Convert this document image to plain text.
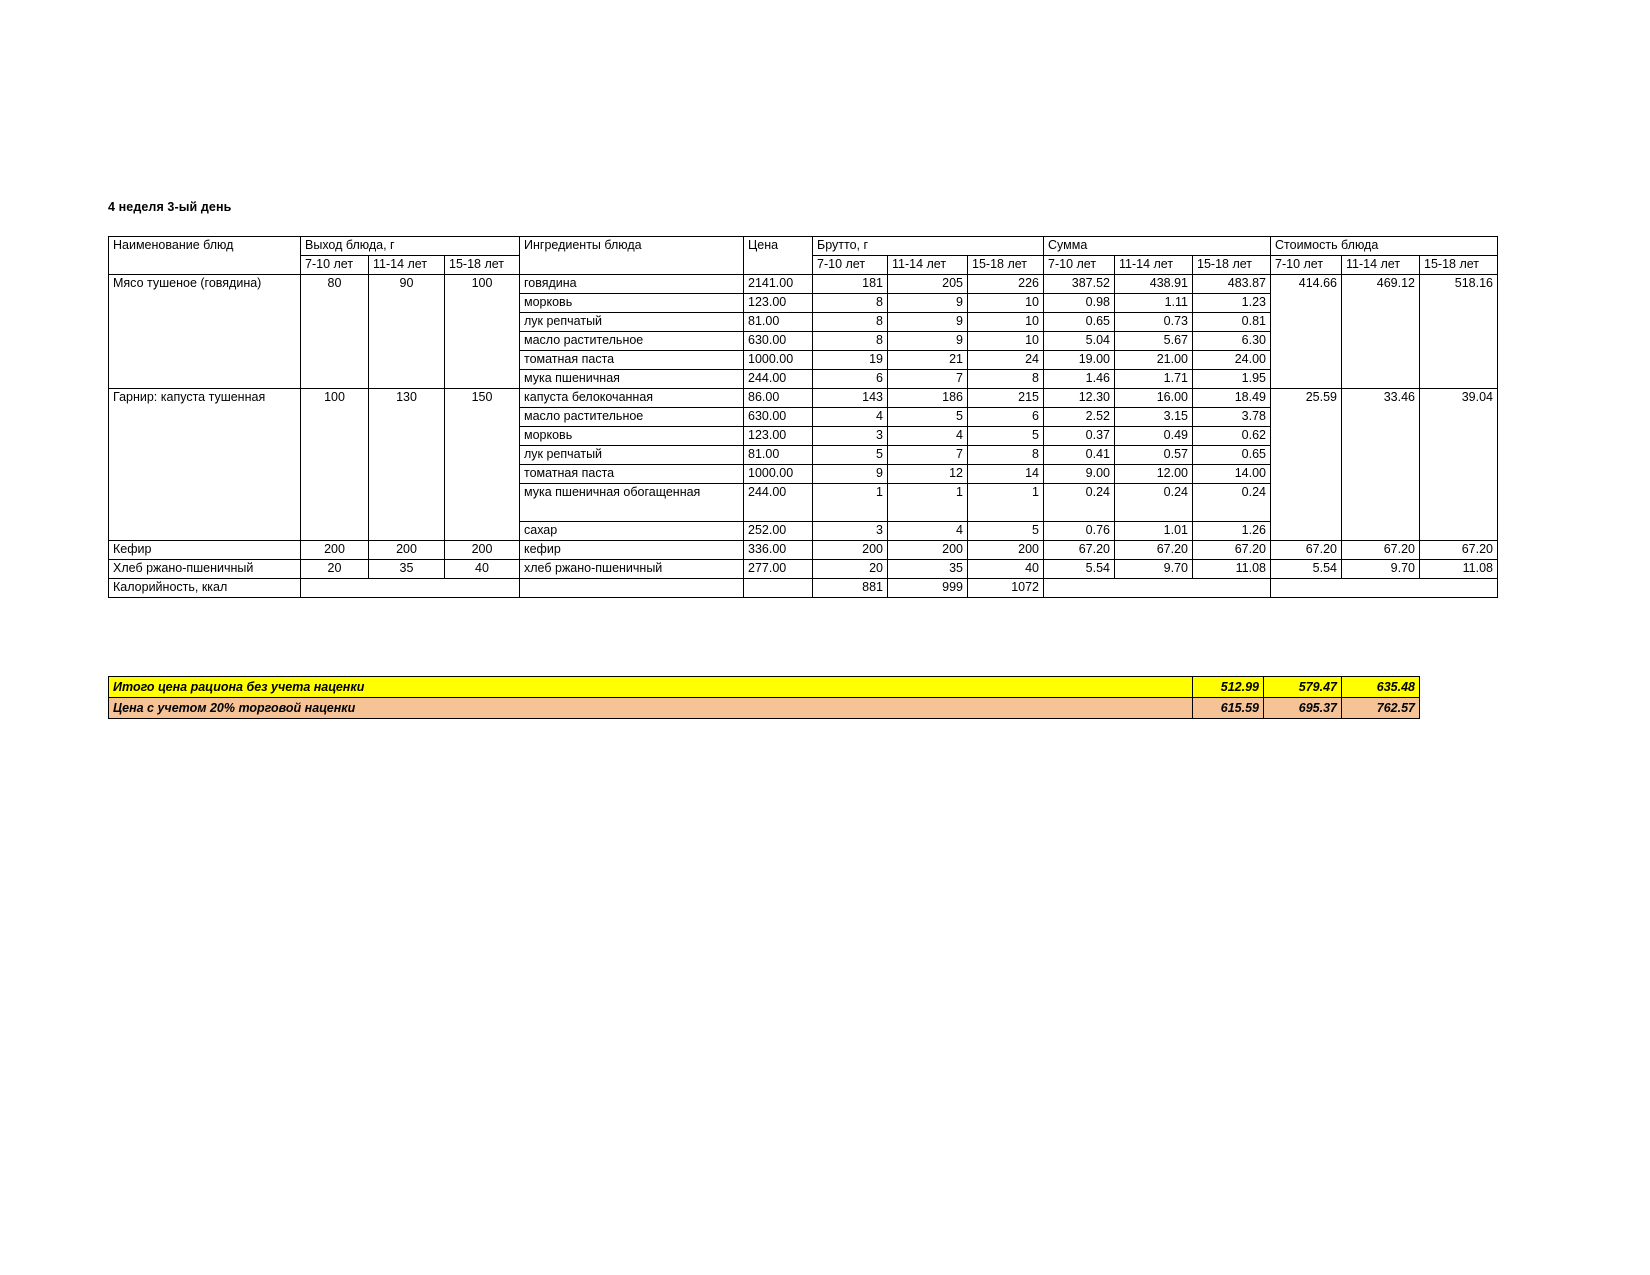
4 неделя 3-ый день
Наименование блюд	Выход блюда, г			Ингредиенты блюда	Цена	Брутто, г			Сумма			Стоимость блюда		
	7-10 лет	11-14 лет	15-18 лет			7-10 лет	11-14 лет	15-18 лет	7-10 лет	11-14 лет	15-18 лет	7-10 лет	11-14 лет	15-18 лет
Мясо тушеное (говядина)	80	90	100	говядина	2141.00	181	205	226	387.52	438.91	483.87	414.66	469.12	518.16
				морковь	123.00	8	9	10	0.98	1.11	1.23			
				лук репчатый	81.00	8	9	10	0.65	0.73	0.81			
				масло растительное	630.00	8	9	10	5.04	5.67	6.30			
				томатная паста	1000.00	19	21	24	19.00	21.00	24.00			
				мука пшеничная	244.00	6	7	8	1.46	1.71	1.95			
Гарнир: капуста тушенная	100	130	150	капуста белокочанная	86.00	143	186	215	12.30	16.00	18.49	25.59	33.46	39.04
				масло растительное	630.00	4	5	6	2.52	3.15	3.78			
				морковь	123.00	3	4	5	0.37	0.49	0.62			
				лук репчатый	81.00	5	7	8	0.41	0.57	0.65			
				томатная паста	1000.00	9	12	14	9.00	12.00	14.00			
				мука пшеничная обогащенная	244.00	1	1	1	0.24	0.24	0.24			
				сахар	252.00	3	4	5	0.76	1.01	1.26			
Кефир	200	200	200	кефир	336.00	200	200	200	67.20	67.20	67.20	67.20	67.20	67.20
Хлеб ржано-пшеничный	20	35	40	хлеб ржано-пшеничный	277.00	20	35	40	5.54	9.70	11.08	5.54	9.70	11.08
Калорийность, ккал						881	999	1072						
Итого цена рациона без учета наценки	512.99	579.47	635.48
Цена с учетом 20% торговой наценки	615.59	695.37	762.57
